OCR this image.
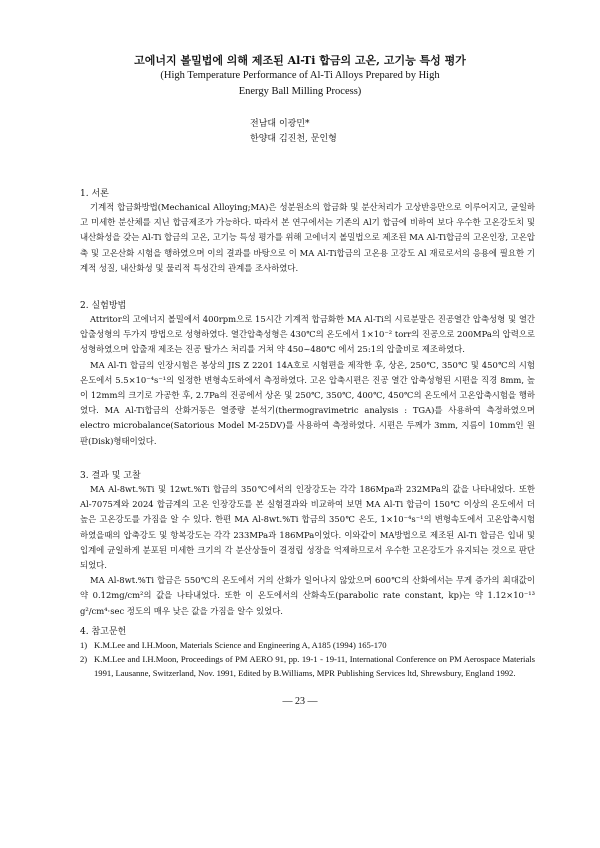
고에너지 볼밀법에 의해 제조된 Al-Ti 합금의 고온, 고기능 특성 평가
(High Temperature Performance of Al-Ti Alloys Prepared by High
Energy Ball Milling Process)
전남대 이광민*
한양대 김진천, 문인형
1. 서론

기계적 합금화방법(Mechanical Alloying;MA)은 성분원소의 합금화 및 분산처리가 고상반응만으로 이루어지고, 균일하고 미세한 분산체를 지닌 합금제조가 가능하다. 따라서 본 연구에서는 기존의 Al기 합금에 비하여 보다 우수한 고온강도치 및 내산화성을 갖는 Al-Ti 합금의 고온, 고기능 특성 평가를 위해 고에너지 볼밀법으로 제조된 MA Al-Ti합금의 고온인장, 고온압축 및 고온산화 시험을 행하였으며 이의 결과를 바탕으로 이 MA Al-Ti합금의 고온용 고강도 Al 재료로서의 응용에 필요한 기계적 성질, 내산화성 및 물리적 특성간의 관계를 조사하였다.

2. 실험방법

Attritor의 고에너지 볼밀에서 400rpm으로 15시간 기계적 합금화한 MA Al-Ti의 시료분말은 진공열간 압축성형 및 열간 압출성형의 두가지 방법으로 성형하였다. 열간압축성형은 430℃의 온도에서 1×10⁻² torr의 진공으로 200MPa의 압력으로 성형하였으며 압출재 제조는 진공 탈가스 처리를 거쳐 약 450~480℃ 에서 25:1의 압출비로 제조하였다.

MA Al-Ti 합금의 인장시험은 봉상의 JIS Z 2201 14A호로 시험편을 제작한 후, 상온, 250℃, 350℃ 및 450℃의 시험온도에서 5.5×10⁻⁴s⁻¹의 일정한 변형속도하에서 측정하였다. 고온 압축시편은 진공 열간 압축성형된 시편을 직경 8mm, 높이 12mm의 크기로 가공한 후, 2.7Pa의 진공에서 상온 및 250℃, 350℃, 400℃, 450℃의 온도에서 고온압축시험을 행하였다. MA Al-Ti합금의 산화거동은 열중량 분석기(thermogravimetric analysis : TGA)를 사용하여 측정하였으며 electro microbalance(Satorious Model M-25DV)를 사용하여 측정하였다. 시편은 두께가 3mm, 지름이 10mm인 원판(Disk)형태이었다.

3. 결과 및 고찰

MA Al-8wt.%Ti 및 12wt.%Ti 합금의 350℃에서의 인장강도는 각각 186Mpa과 232MPa의 값을 나타내었다. 또한 Al-7075계와 2024 합금계의 고온 인장강도를 본 실험결과와 비교하여 보면 MA Al-Ti 합금이 150℃ 이상의 온도에서 더 높은 고온강도를 가짐을 알 수 있다. 한편 MA Al-8wt.%Ti 합금의 350℃ 온도, 1×10⁻⁴s⁻¹의 변형속도에서 고온압축시험 하였을때의 압축강도 및 항복강도는 각각 233MPa과 186MPa이었다. 이와같이 MA방법으로 제조된 Al-Ti 합금은 입내 및 입계에 균일하게 분포된 미세한 크기의 각 분산상들이 결정립 성장을 억제하므로서 우수한 고온강도가 유지되는 것으로 판단되었다.

MA Al-8wt.%Ti 합금은 550℃의 온도에서 거의 산화가 일어나지 않았으며 600℃의 산화에서는 무게 증가의 최대값이 약 0.12mg/cm²의 값을 나타내었다. 또한 이 온도에서의 산화속도(parabolic rate constant, kp)는 약 1.12×10⁻¹³ g²/cm⁴·sec 정도의 매우 낮은 값을 가짐을 알수 있었다.

4. 참고문헌
1) K.M.Lee and I.H.Moon, Materials Science and Engineering A, A185 (1994) 165-170
2) K.M.Lee and I.H.Moon, Proceedings of PM AERO 91, pp. 19-1 - 19-11, International Conference on PM Aerospace Materials 1991, Lausanne, Switzerland, Nov. 1991, Edited by B.Williams, MPR Publishing Services ltd, Shrewsbury, England 1992.
— 23 —
